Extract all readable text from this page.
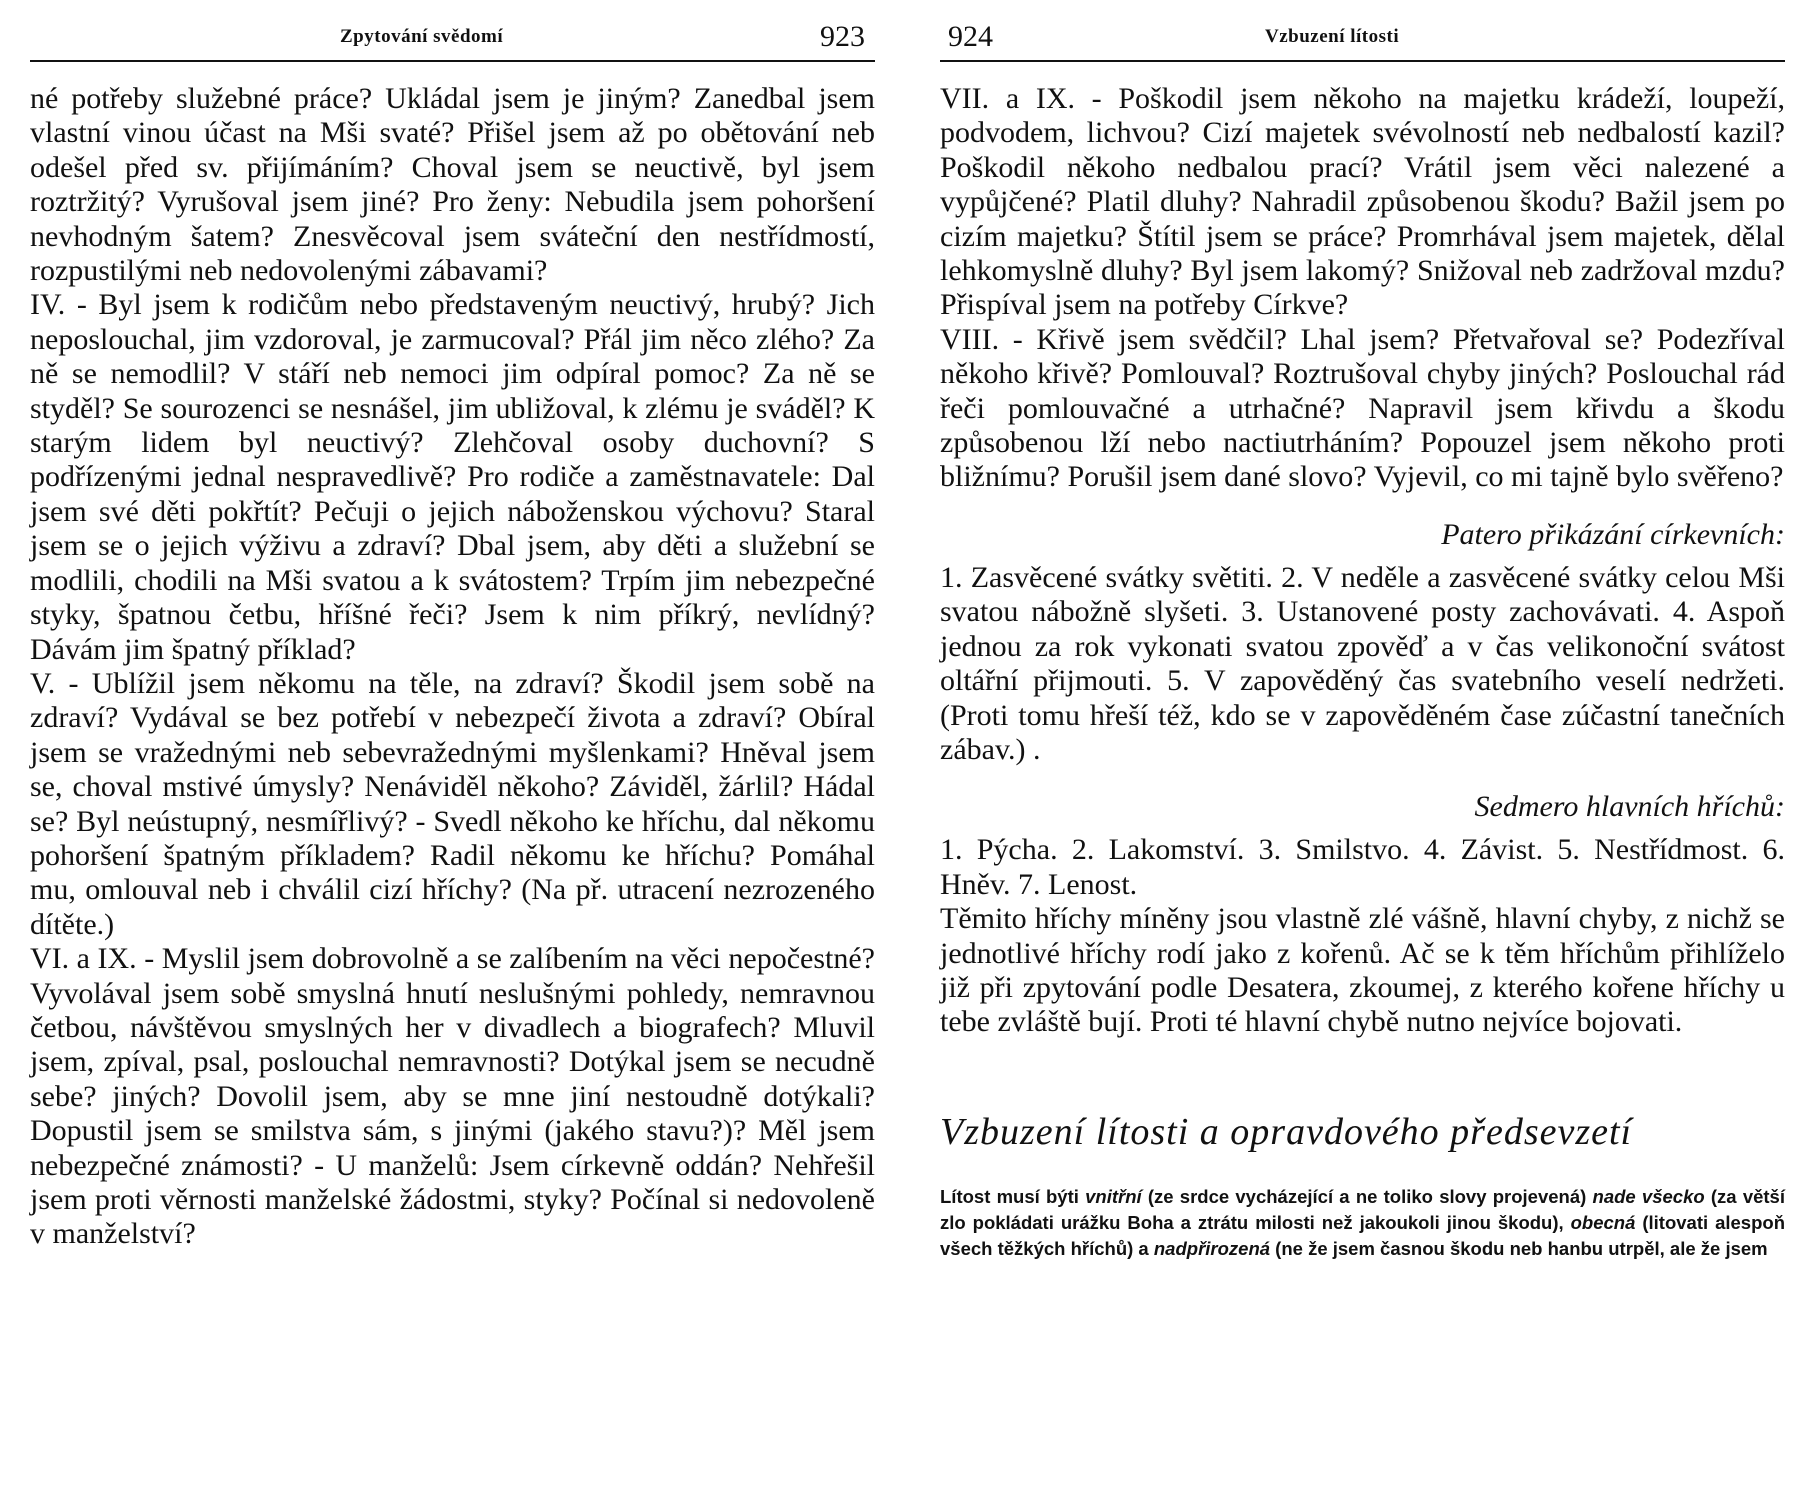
Zpytování svědomí	923

né potřeby služebné práce? Ukládal jsem je jiným? Zanedbal jsem vlastní vinou účast na Mši svaté? Přišel jsem až po obětování neb odešel před sv. přijímáním? Choval jsem se neuctivě, byl jsem roztržitý? Vyrušoval jsem jiné? Pro ženy: Nebudila jsem pohoršení nevhodným šatem? Znesvěcoval jsem sváteční den nestřídmostí, rozpustilými neb nedovolenými zábavami?

IV. - Byl jsem k rodičům nebo představeným neuctivý, hrubý? Jich neposlouchal, jim vzdoroval, je zarmucoval? Přál jim něco zlého? Za ně se nemodlil? V stáří neb nemoci jim odpíral pomoc? Za ně se styděl? Se sourozenci se nesnášel, jim ubližoval, k zlému je sváděl? K starým lidem byl neuctivý? Zlehčoval osoby duchovní? S podřízenými jednal nespravedlivě? Pro rodiče a zaměstnavatele: Dal jsem své děti pokřtít? Pečuji o jejich náboženskou výchovu? Staral jsem se o jejich výživu a zdraví? Dbal jsem, aby děti a služební se modlili, chodili na Mši svatou a k svátostem? Trpím jim nebezpečné styky, špatnou četbu, hříšné řeči? Jsem k nim příkrý, nevlídný? Dávám jim špatný příklad?

V. - Ublížil jsem někomu na těle, na zdraví? Škodil jsem sobě na zdraví? Vydával se bez potřebí v nebezpečí života a zdraví? Obíral jsem se vražednými neb sebevražednými myšlenkami? Hněval jsem se, choval mstivé úmysly? Nenáviděl někoho? Záviděl, žárlil? Hádal se? Byl neústupný, nesmířlivý? - Svedl někoho ke hříchu, dal někomu pohoršení špatným příkladem? Radil někomu ke hříchu? Pomáhal mu, omlouval neb i chválil cizí hříchy? (Na př. utracení nezrozeného dítěte.)

VI. a IX. - Myslil jsem dobrovolně a se zalíbením na věci nepočestné? Vyvolával jsem sobě smyslná hnutí neslušnými pohledy, nemravnou četbou, návštěvou smyslných her v divadlech a biografech? Mluvil jsem, zpíval, psal, poslouchal nemravnosti? Dotýkal jsem se necudně sebe? jiných? Dovolil jsem, aby se mne jiní nestoudně dotýkali? Dopustil jsem se smilstva sám, s jinými (jakého stavu?)? Měl jsem nebezpečné známosti? - U manželů: Jsem církevně oddán? Nehřešil jsem proti věrnosti manželské žádostmi, styky? Počínal si nedovoleně v manželství?

924	Vzbuzení lítosti

VII. a IX. - Poškodil jsem někoho na majetku krádeží, loupeží, podvodem, lichvou? Cizí majetek svévolností neb nedbalostí kazil? Poškodil někoho nedbalou prací? Vrátil jsem věci nalezené a vypůjčené? Platil dluhy? Nahradil způsobenou škodu? Bažil jsem po cizím majetku? Štítil jsem se práce? Promrhával jsem majetek, dělal lehkomyslně dluhy? Byl jsem lakomý? Snižoval neb zadržoval mzdu? Přispíval jsem na potřeby Církve?

VIII. - Křivě jsem svědčil? Lhal jsem? Přetvařoval se? Podezříval někoho křivě? Pomlouval? Roztrušoval chyby jiných? Poslouchal rád řeči pomlouvačné a utrhačné? Napravil jsem křivdu a škodu způsobenou lží nebo nactiutrháním? Popouzel jsem někoho proti bližnímu? Porušil jsem dané slovo? Vyjevil, co mi tajně bylo svěřeno?

Patero přikázání církevních:

1. Zasvěcené svátky světiti. 2. V neděle a zasvěcené svátky celou Mši svatou nábožně slyšeti. 3. Ustanovené posty zachovávati. 4. Aspoň jednou za rok vykonati svatou zpověď a v čas velikonoční svátost oltářní přijmouti. 5. V zapověděný čas svatebního veselí nedržeti. (Proti tomu hřeší též, kdo se v zapověděném čase zúčastní tanečních zábav.) .

Sedmero hlavních hříchů:

1. Pýcha. 2. Lakomství. 3. Smilstvo. 4. Závist. 5. Nestřídmost. 6. Hněv. 7. Lenost.

Těmito hříchy míněny jsou vlastně zlé vášně, hlavní chyby, z nichž se jednotlivé hříchy rodí jako z kořenů. Ač se k těm hříchům přihlíželo již při zpytování podle Desatera, zkoumej, z kterého kořene hříchy u tebe zvláště bují. Proti té hlavní chybě nutno nejvíce bojovati.

Vzbuzení lítosti a opravdového předsevzetí

Lítost musí býti vnitřní (ze srdce vycházející a ne toliko slovy projevená) nade všecko (za větší zlo pokládati urážku Boha a ztrátu milosti než jakoukoli jinou škodu), obecná (litovati alespoň všech těžkých hříchů) a nadpřirozená (ne že jsem časnou škodu neb hanbu utrpěl, ale že jsem
